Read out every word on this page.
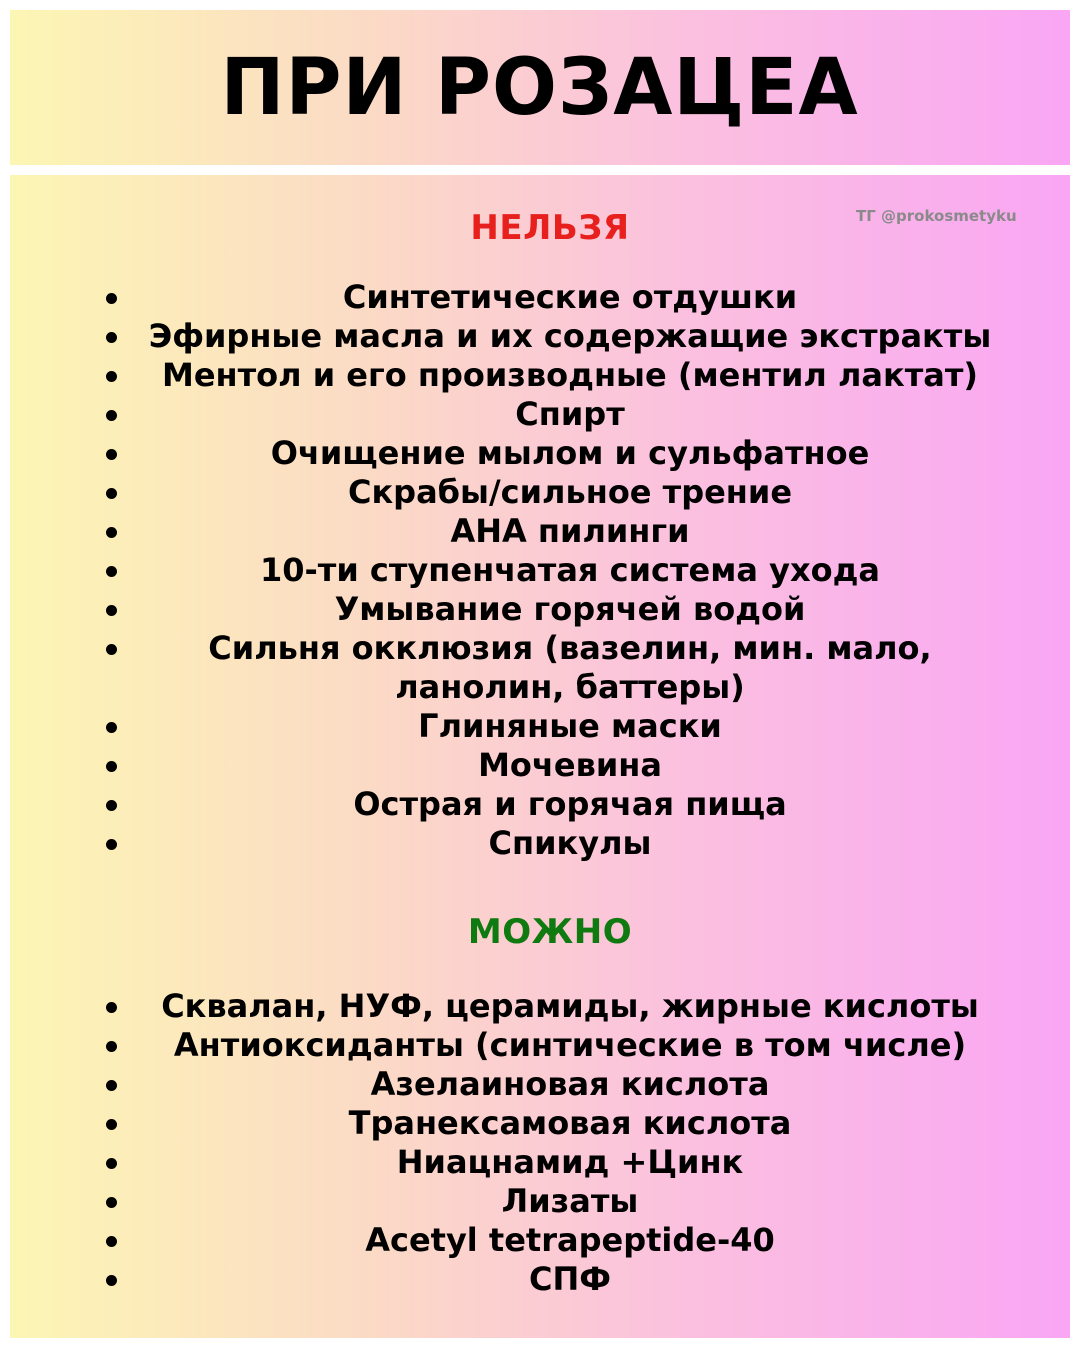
ПРИ РОЗАЦЕА
ТГ @prokosmetyku
НЕЛЬЗЯ
Синтетические отдушки
Эфирные масла и их содержащие экстракты
Ментол и его производные (ментил лактат)
Спирт
Очищение мылом и сульфатное
Скрабы/сильное трение
АНА пилинги
10-ти ступенчатая система ухода
Умывание горячей водой
Сильня окклюзия (вазелин, мин. мало, ланолин, баттеры)
Глиняные маски
Мочевина
Острая и горячая пища
Спикулы
МОЖНО
Сквалан, НУФ, церамиды, жирные кислоты
Антиоксиданты (синтические в том числе)
Азелаиновая кислота
Транексамовая кислота
Ниацнамид +Цинк
Лизаты
Acetyl tetrapeptide-40
СПФ
